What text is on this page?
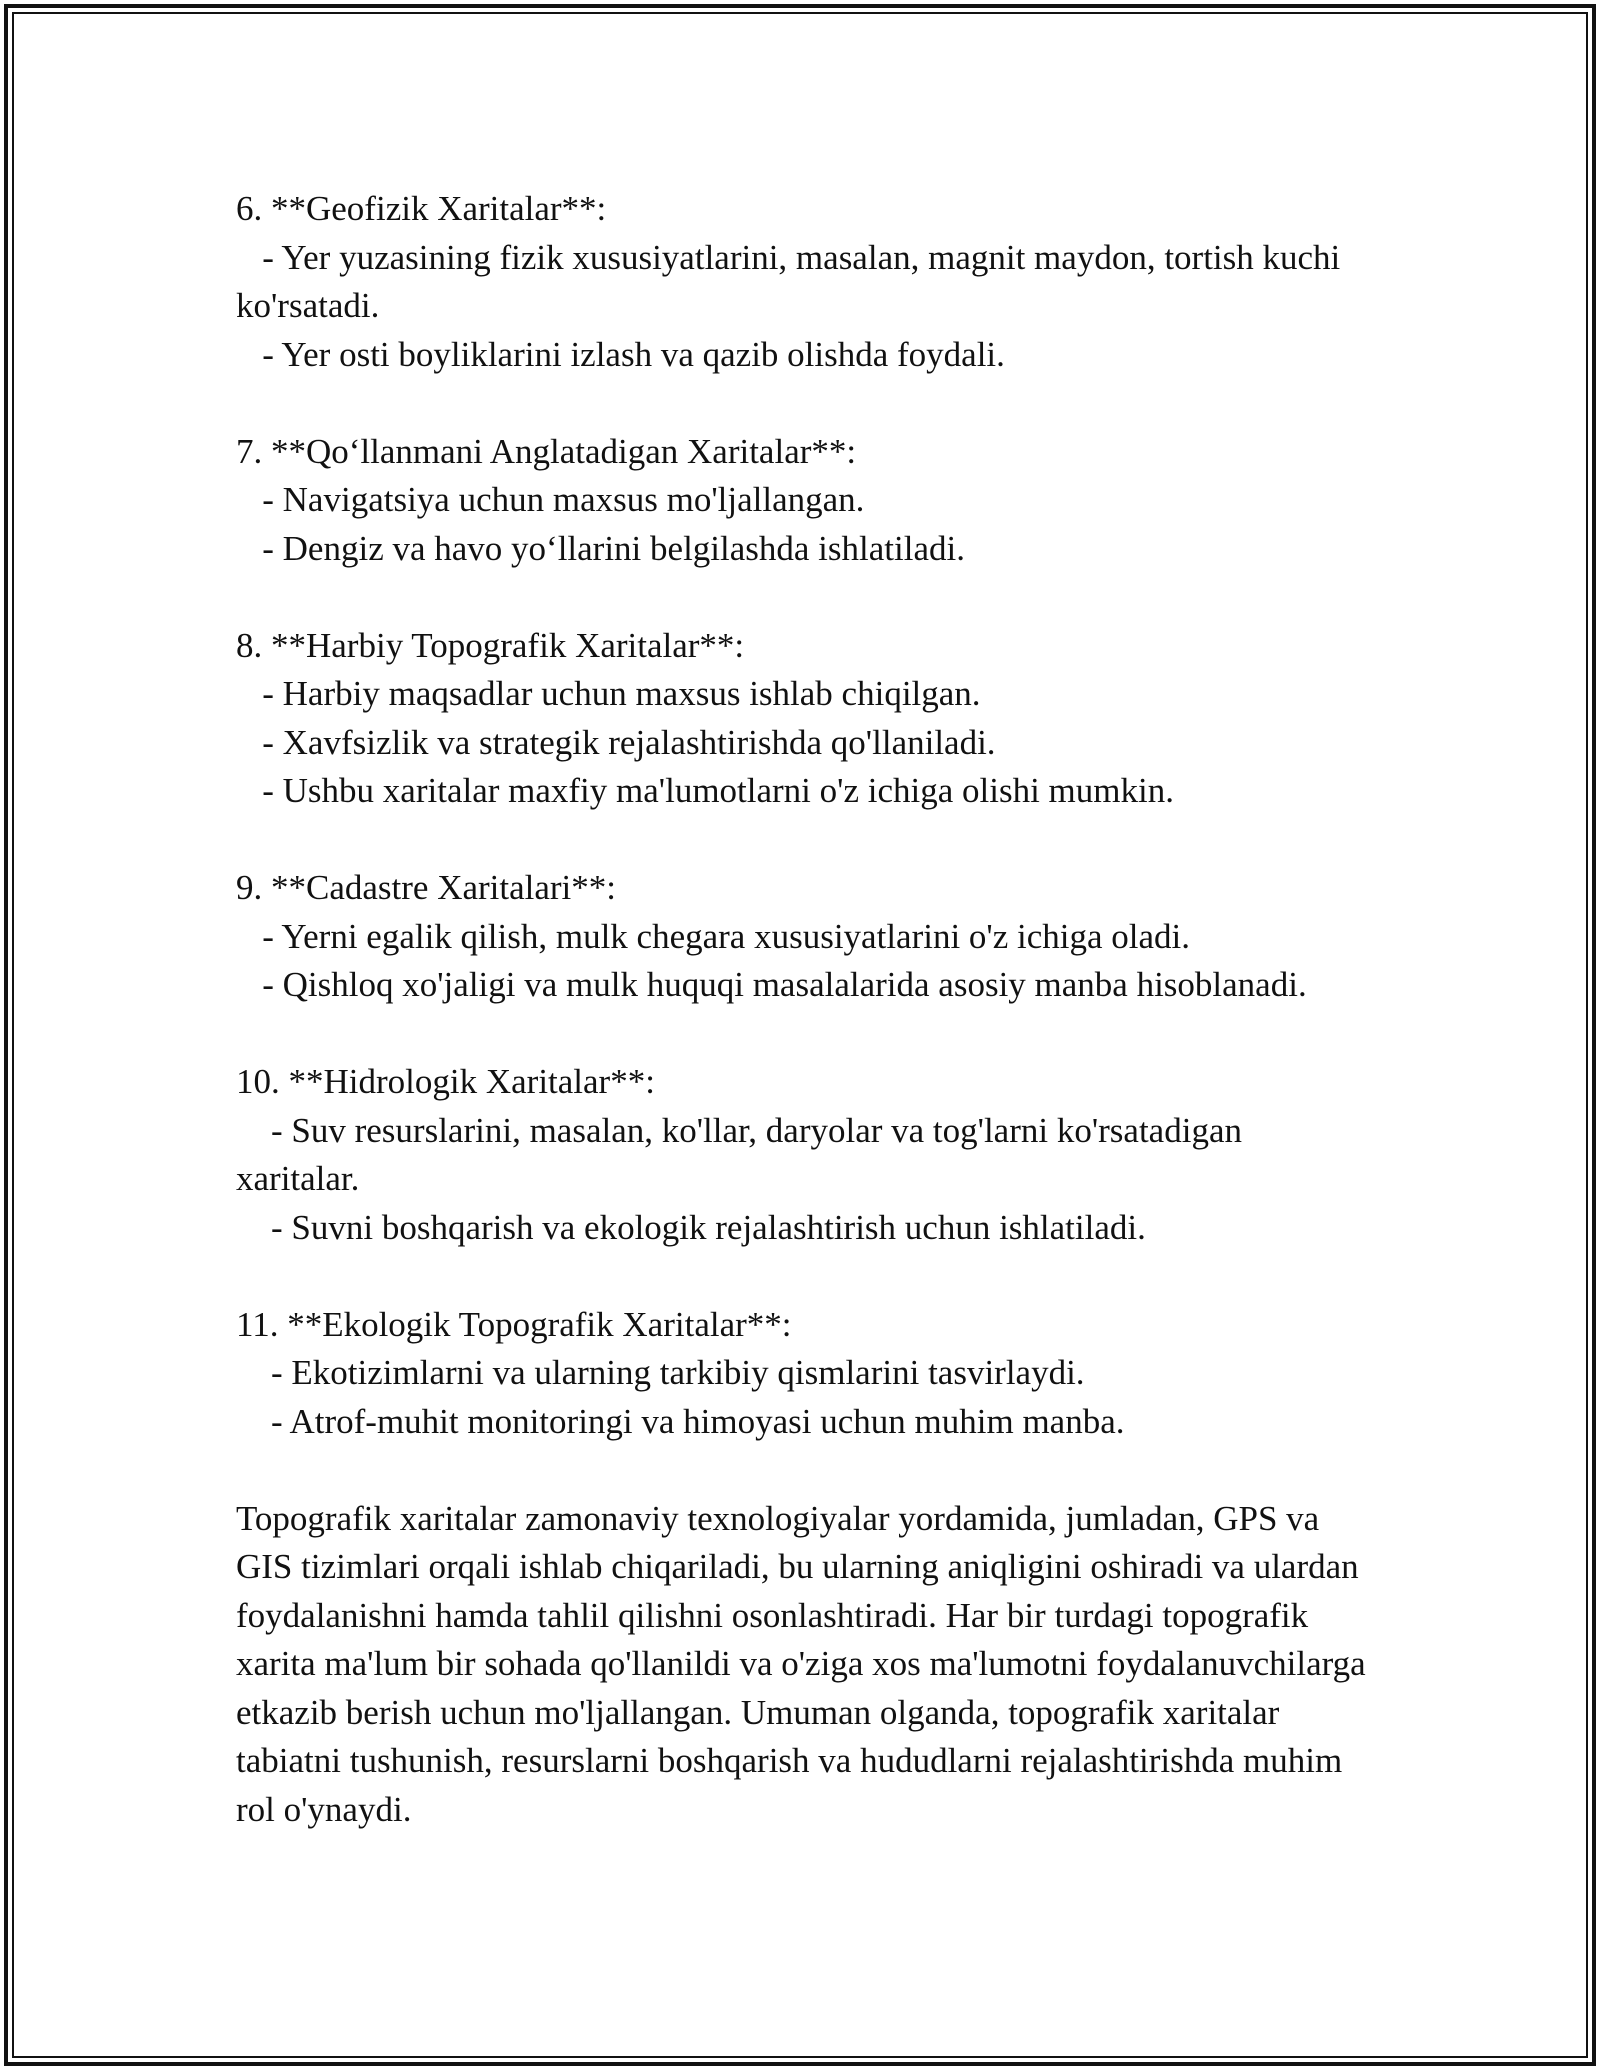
6. **Geofizik Xaritalar**:

- Yer yuzasining fizik xususiyatlarini, masalan, magnit maydon, tortish kuchi ko'rsatadi.

- Yer osti boyliklarini izlash va qazib olishda foydali.

7. **Qo‘llanmani Anglatadigan Xaritalar**:

- Navigatsiya uchun maxsus mo'ljallangan.

- Dengiz va havo yo‘llarini belgilashda ishlatiladi.

8. **Harbiy Topografik Xaritalar**:

- Harbiy maqsadlar uchun maxsus ishlab chiqilgan.

- Xavfsizlik va strategik rejalashtirishda qo'llaniladi.

- Ushbu xaritalar maxfiy ma'lumotlarni o'z ichiga olishi mumkin.

9. **Cadastre Xaritalari**:

- Yerni egalik qilish, mulk chegara xususiyatlarini o'z ichiga oladi.

- Qishloq xo'jaligi va mulk huquqi masalalarida asosiy manba hisoblanadi.

10. **Hidrologik Xaritalar**:

- Suv resurslarini, masalan, ko'llar, daryolar va tog'larni ko'rsatadigan xaritalar.

- Suvni boshqarish va ekologik rejalashtirish uchun ishlatiladi.

11. **Ekologik Topografik Xaritalar**:

- Ekotizimlarni va ularning tarkibiy qismlarini tasvirlaydi.

- Atrof-muhit monitoringi va himoyasi uchun muhim manba.

Topografik xaritalar zamonaviy texnologiyalar yordamida, jumladan, GPS va GIS tizimlari orqali ishlab chiqariladi, bu ularning aniqligini oshiradi va ulardan foydalanishni hamda tahlil qilishni osonlashtiradi. Har bir turdagi topografik xarita ma'lum bir sohada qo'llanildi va o'ziga xos ma'lumotni foydalanuvchilarga etkazib berish uchun mo'ljallangan. Umuman olganda, topografik xaritalar tabiatni tushunish, resurslarni boshqarish va hududlarni rejalashtirishda muhim rol o'ynaydi.
